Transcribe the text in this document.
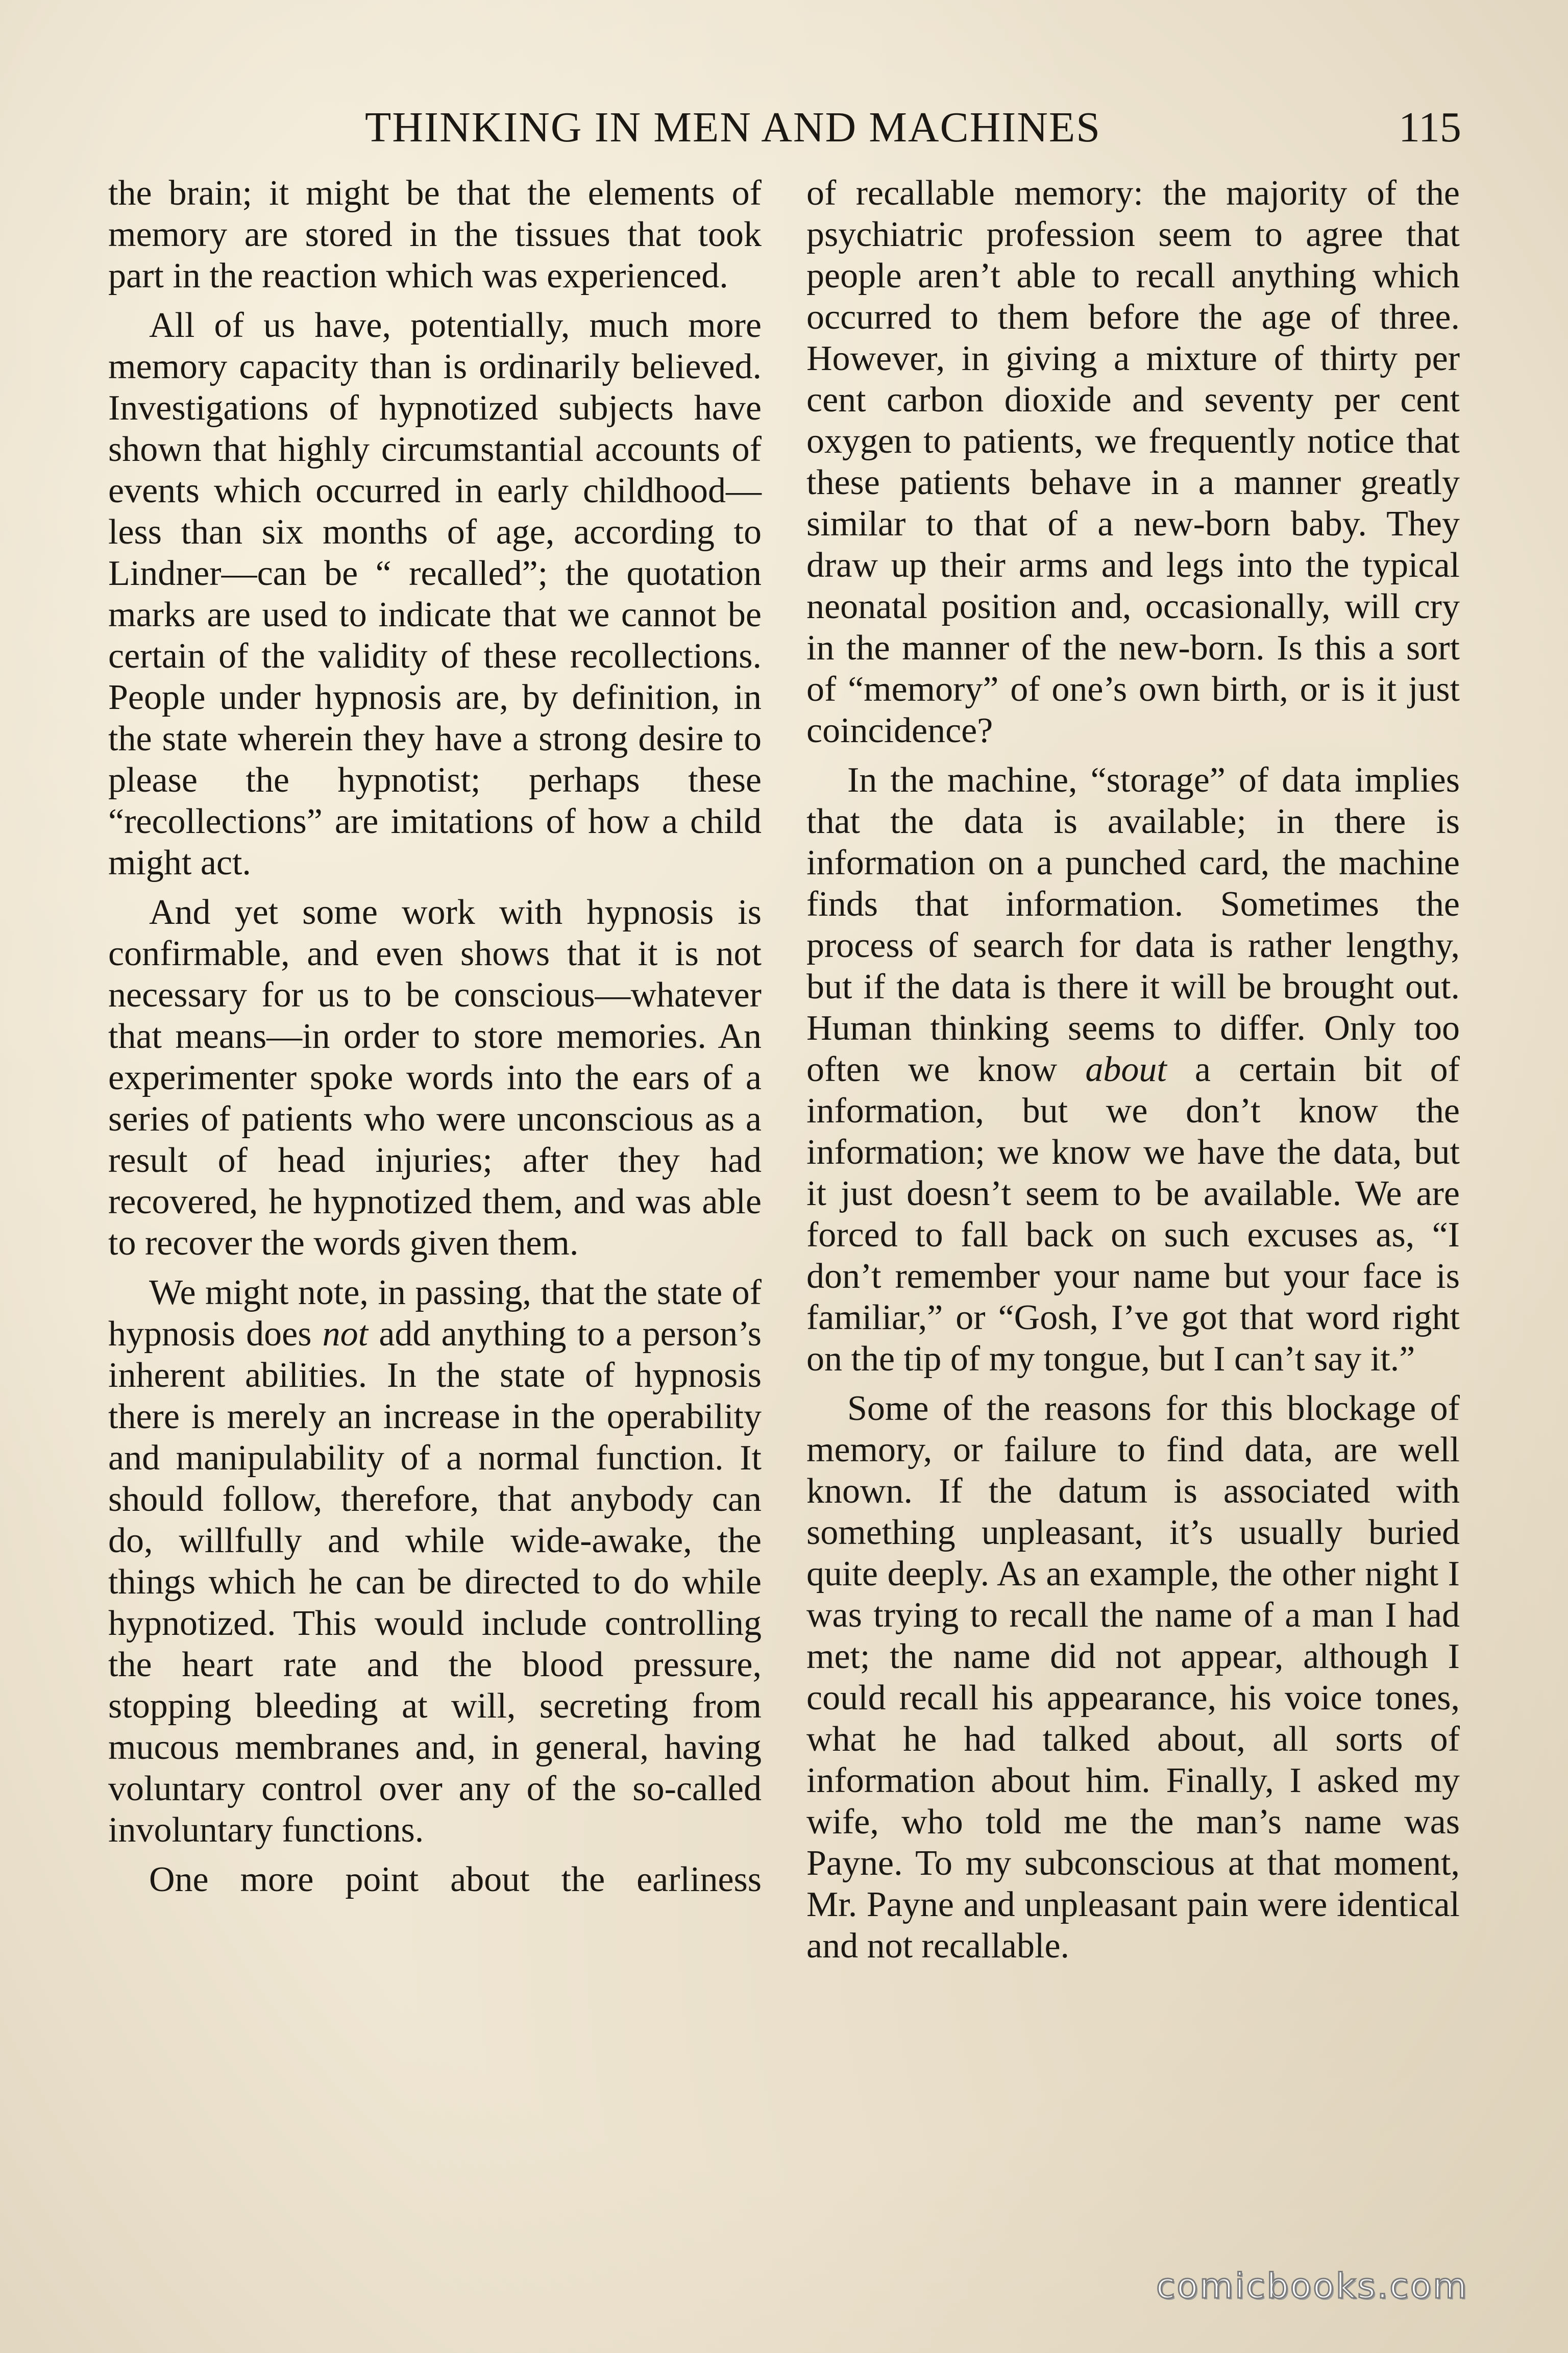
THINKING IN MEN AND MACHINES	115

the brain; it might be that the elements of memory are stored in the tissues that took part in the reaction which was experienced.

All of us have, potentially, much more memory capacity than is ordinarily believed. Investigations of hypnotized subjects have shown that highly circumstantial accounts of events which occurred in early childhood—less than six months of age, according to Lindner—can be “ recalled”; the quotation marks are used to indicate that we cannot be certain of the validity of these recollections. People under hypnosis are, by definition, in the state wherein they have a strong desire to please the hypnotist; perhaps these “recollections” are imitations of how a child might act.

And yet some work with hypnosis is confirmable, and even shows that it is not necessary for us to be conscious—whatever that means—in order to store memories. An experimenter spoke words into the ears of a series of patients who were unconscious as a result of head injuries; after they had recovered, he hypnotized them, and was able to recover the words given them.

We might note, in passing, that the state of hypnosis does not add anything to a person’s inherent abilities. In the state of hypnosis there is merely an increase in the operability and manipulability of a normal function. It should follow, therefore, that anybody can do, willfully and while wide-awake, the things which he can be directed to do while hypnotized. This would include controlling the heart rate and the blood pressure, stopping bleeding at will, secreting from mucous membranes and, in general, having voluntary control over any of the so-called involuntary functions.

One more point about the earliness

of recallable memory: the majority of the psychiatric profession seem to agree that people aren’t able to recall anything which occurred to them before the age of three. However, in giving a mixture of thirty per cent carbon dioxide and seventy per cent oxygen to patients, we frequently notice that these patients behave in a manner greatly similar to that of a new-born baby. They draw up their arms and legs into the typical neonatal position and, occasionally, will cry in the manner of the new-born. Is this a sort of “memory” of one’s own birth, or is it just coincidence?

In the machine, “storage” of data implies that the data is available; in there is information on a punched card, the machine finds that information. Sometimes the process of search for data is rather lengthy, but if the data is there it will be brought out. Human thinking seems to differ. Only too often we know about a certain bit of information, but we don’t know the information; we know we have the data, but it just doesn’t seem to be available. We are forced to fall back on such excuses as, “I don’t remember your name but your face is familiar,” or “Gosh, I’ve got that word right on the tip of my tongue, but I can’t say it.”

Some of the reasons for this blockage of memory, or failure to find data, are well known. If the datum is associated with something unpleasant, it’s usually buried quite deeply. As an example, the other night I was trying to recall the name of a man I had met; the name did not appear, although I could recall his appearance, his voice tones, what he had talked about, all sorts of information about him. Finally, I asked my wife, who told me the man’s name was Payne. To my subconscious at that moment, Mr. Payne and unpleasant pain were identical and not recallable.

comicbooks.com
